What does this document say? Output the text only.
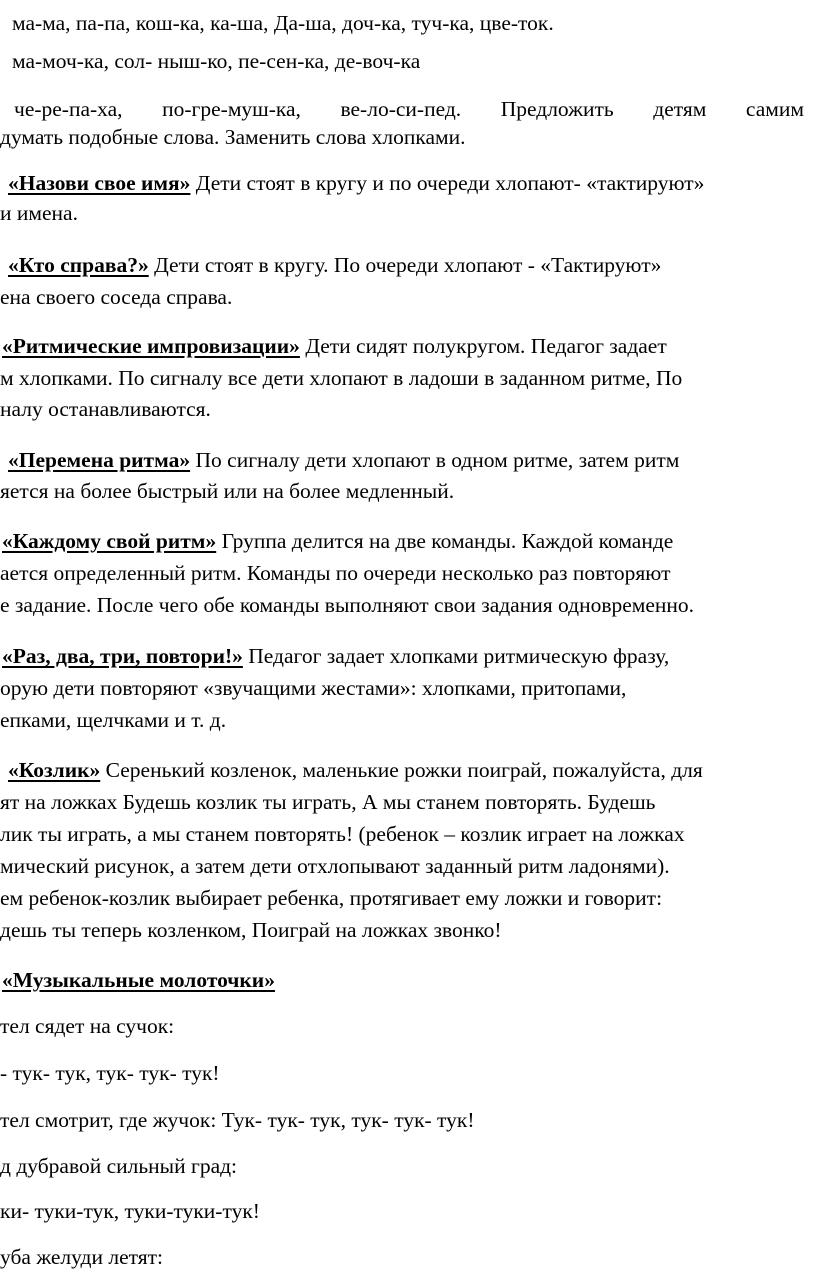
ма-ма, па-па, кош-ка, ка-ша, Да-ша, доч-ка, туч-ка, цве-ток.
ма-моч-ка, сол- ныш-ко, пе-сен-ка, де-воч-ка
че-ре-па-ха, по-гре-муш-ка, ве-ло-си-пед. Предложить детям самим
думать подобные слова. Заменить слова хлопками.
«Назови свое имя» Дети стоят в кругу и по очереди хлопают- «тактируют»
и имена.
«Кто справа?» Дети стоят в кругу. По очереди хлопают - «Тактируют»
ена своего соседа справа.
«Ритмические импровизации» Дети сидят полукругом. Педагог задает
м хлопками. По сигналу все дети хлопают в ладоши в заданном ритме, По
налу останавливаются.
«Перемена ритма» По сигналу дети хлопают в одном ритме, затем ритм
яется на более быстрый или на более медленный.
«Каждому свой ритм» Группа делится на две команды. Каждой команде
ается определенный ритм. Команды по очереди несколько раз повторяют
е задание. После чего обе команды выполняют свои задания одновременно.
«Раз, два, три, повтори!» Педагог задает хлопками ритмическую фразу,
орую дети повторяют «звучащими жестами»: хлопками, притопами,
епками, щелчками и т. д.
«Козлик» Серенький козленок, маленькие рожки поиграй, пожалуйста, для
ят на ложках Будешь козлик ты играть, А мы станем повторять. Будешь
лик ты играть, а мы станем повторять! (ребенок – козлик играет на ложках
мический рисунок, а затем дети отхлопывают заданный ритм ладонями).
ем ребенок-козлик выбирает ребенка, протягивает ему ложки и говорит:
дешь ты теперь козленком, Поиграй на ложках звонко!
«Музыкальные молоточки»
тел сядет на сучок:
- тук- тук, тук- тук- тук!
тел смотрит, где жучок: Тук- тук- тук, тук- тук- тук!
д дубравой сильный град:
ки- туки-тук, туки-туки-тук!
уба желуди летят:
